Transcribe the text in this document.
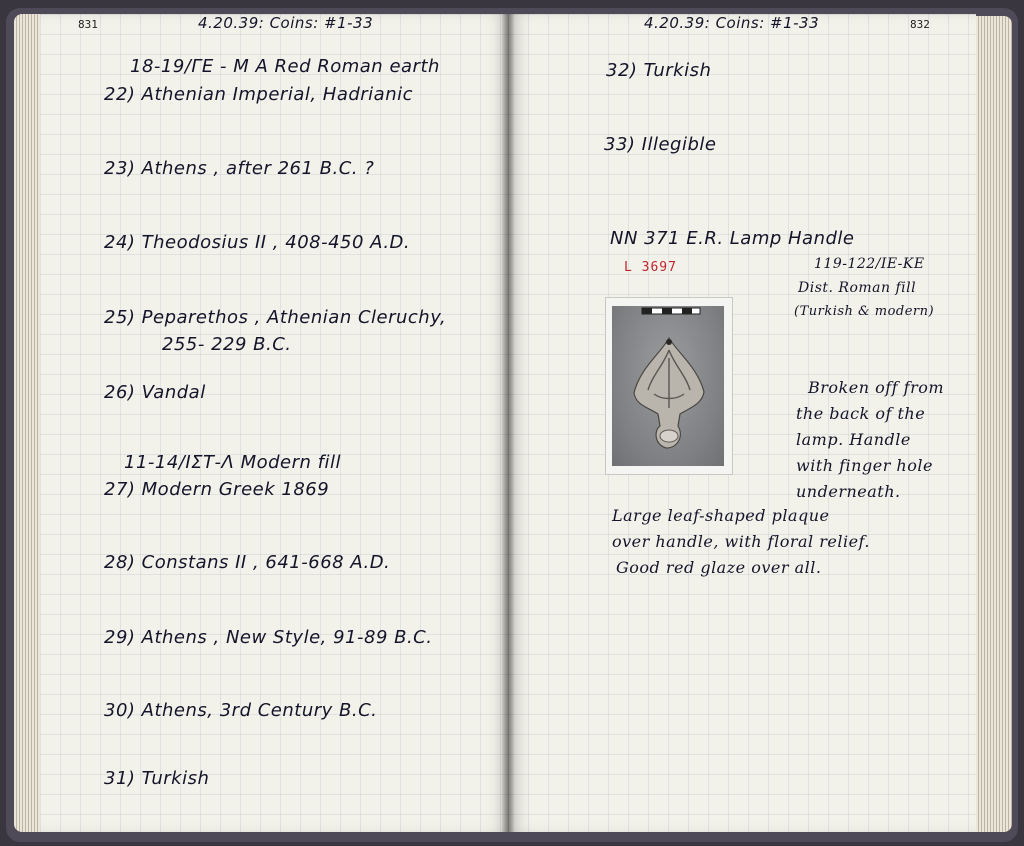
831	4.20.39: Coins: #1-33
18-19/ΓΕ - M A Red Roman earth
22) Athenian Imperial, Hadrianic
23) Athens , after 261 B.C. ?
24) Theodosius II , 408-450 A.D.
25) Peparethos , Athenian Cleruchy,
255- 229 B.C.
26) Vandal
11-14/ΙΣΤ-Λ Modern fill
27) Modern Greek 1869
28) Constans II , 641-668 A.D.
29) Athens , New Style, 91-89 B.C.
30) Athens, 3rd Century B.C.
31) Turkish
4.20.39: Coins: #1-33	832
32) Turkish
33) Illegible
NN 371 E.R. Lamp Handle
L 3697	119-122/ΙΕ-ΚΕ
Dist. Roman fill
(Turkish & modern)
Broken off from
the back of the
lamp. Handle
with finger hole
underneath.
Large leaf-shaped plaque
over handle, with floral relief.
Good red glaze over all.
